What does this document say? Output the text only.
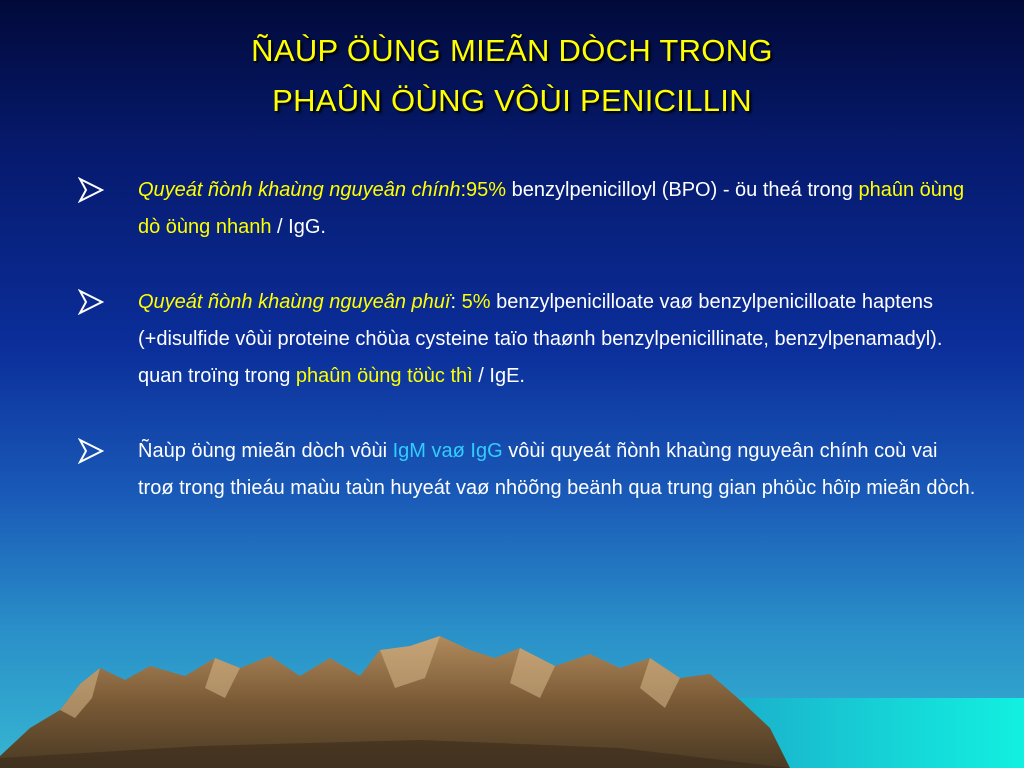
ÑAÙP ÖÙNG MIEÃN DÒCH TRONG
PHAÛN ÖÙNG VÔÙI PENICILLIN
Quyeát ñònh khaùng nguyeân chính:95% benzylpenicilloyl (BPO) - öu theá trong phaûn öùng dò öùng nhanh / IgG.
Quyeát ñònh khaùng nguyeân phuï: 5% benzylpenicilloate vaø benzylpenicilloate haptens (+disulfide vôùi proteine chöùa cysteine taïo thaønh benzylpenicillinate, benzylpenamadyl). quan troïng trong phaûn öùng töùc thì / IgE.
Ñaùp öùng mieãn dòch vôùi IgM vaø IgG vôùi quyeát ñònh khaùng nguyeân chính coù vai troø trong thieáu maùu taùn huyeát vaø nhöõng beänh qua trung gian phöùc hôïp mieãn dòch.
